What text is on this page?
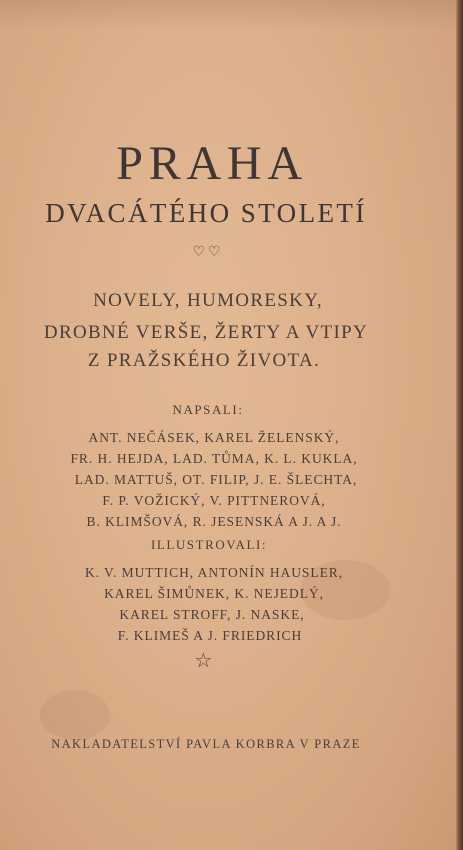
PRAHA
DVACÁTÉHO STOLETÍ
♡♡
NOVELY, HUMORESKY,
DROBNÉ VERŠE, ŽERTY A VTIPY
Z PRAŽSKÉHO ŽIVOTA.
NAPSALI:
ANT. NEČÁSEK, KAREL ŽELENSKÝ,
FR. H. HEJDA, LAD. TŮMA, K. L. KUKLA,
LAD. MATTUŠ, OT. FILIP, J. E. ŠLECHTA,
F. P. VOŽICKÝ, V. PITTNEROVÁ,
B. KLIMŠOVÁ, R. JESENSKÁ A J. A J.
ILLUSTROVALI:
K. V. MUTTICH, ANTONÍN HAUSLER,
KAREL ŠIMŮNEK, K. NEJEDLÝ,
KAREL STROFF, J. NASKE,
F. KLIMEŠ A J. FRIEDRICH
☆
NAKLADATELSTVÍ PAVLA KORBRA V PRAZE
